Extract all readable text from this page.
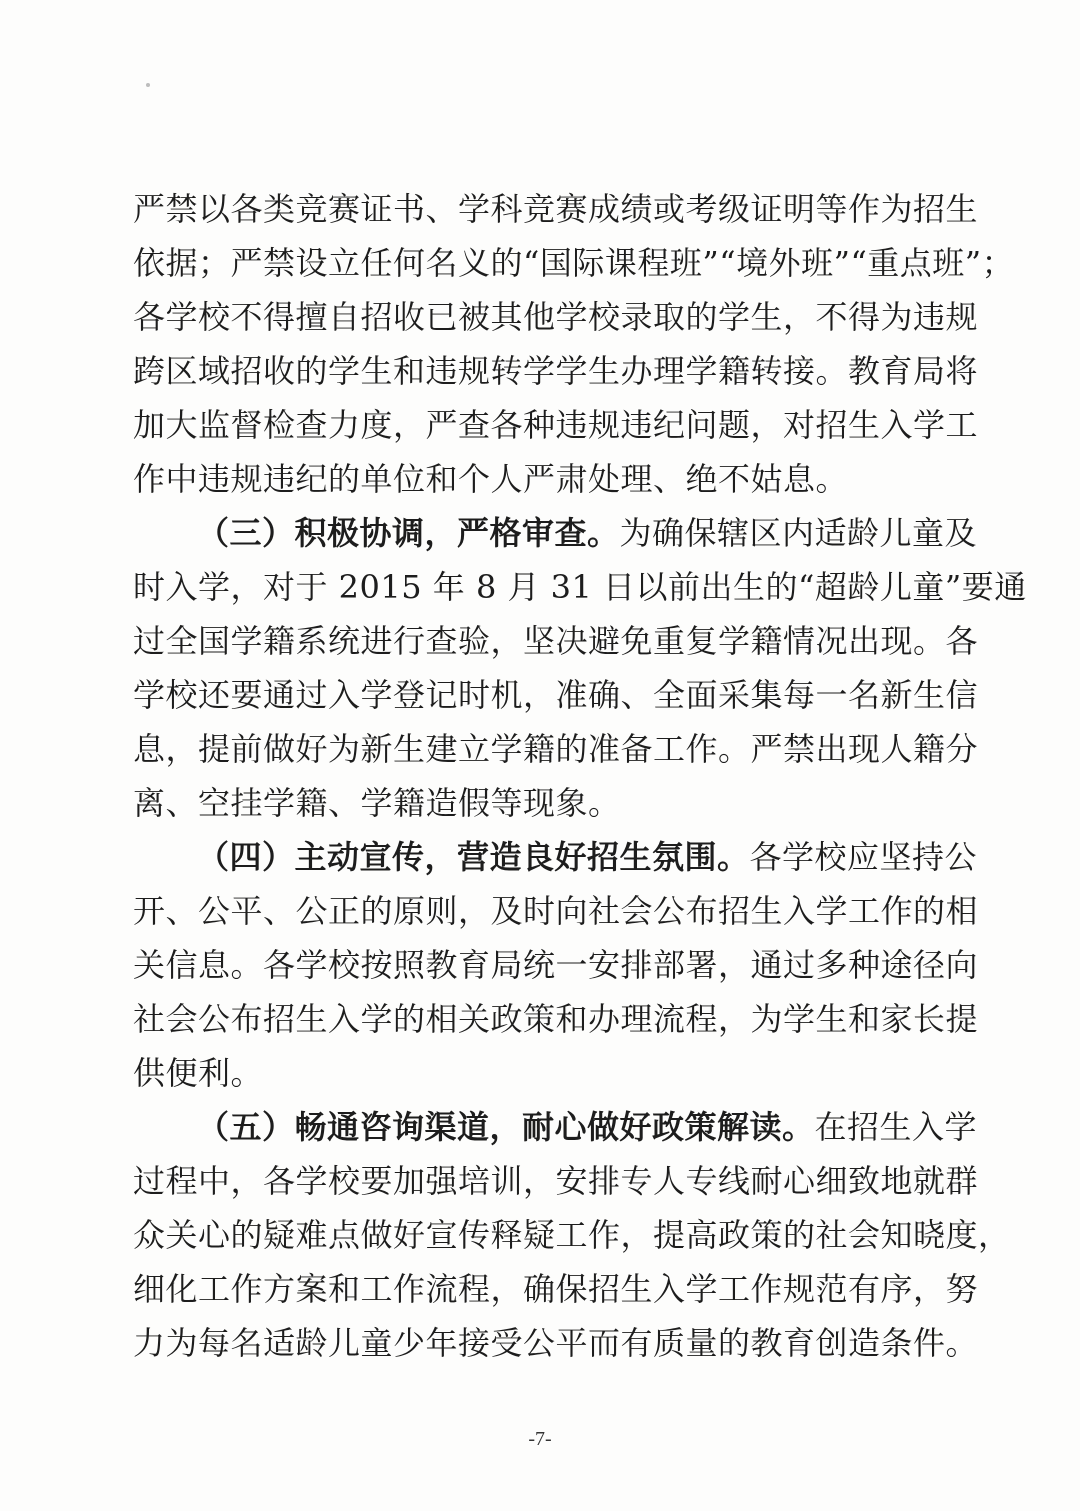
严禁以各类竞赛证书、学科竞赛成绩或考级证明等作为招生
依据；严禁设立任何名义的“国际课程班”“境外班”“重点班”；
各学校不得擅自招收已被其他学校录取的学生，不得为违规
跨区域招收的学生和违规转学学生办理学籍转接。教育局将
加大监督检查力度，严查各种违规违纪问题，对招生入学工
作中违规违纪的单位和个人严肃处理、绝不姑息。
（三）积极协调，严格审查。为确保辖区内适龄儿童及
时入学，对于 2015 年 8 月 31 日以前出生的“超龄儿童”要通
过全国学籍系统进行查验，坚决避免重复学籍情况出现。各
学校还要通过入学登记时机，准确、全面采集每一名新生信
息，提前做好为新生建立学籍的准备工作。严禁出现人籍分
离、空挂学籍、学籍造假等现象。
（四）主动宣传，营造良好招生氛围。各学校应坚持公
开、公平、公正的原则，及时向社会公布招生入学工作的相
关信息。各学校按照教育局统一安排部署，通过多种途径向
社会公布招生入学的相关政策和办理流程，为学生和家长提
供便利。
（五）畅通咨询渠道，耐心做好政策解读。在招生入学
过程中，各学校要加强培训，安排专人专线耐心细致地就群
众关心的疑难点做好宣传释疑工作，提高政策的社会知晓度，
细化工作方案和工作流程，确保招生入学工作规范有序，努
力为每名适龄儿童少年接受公平而有质量的教育创造条件。
-7-
